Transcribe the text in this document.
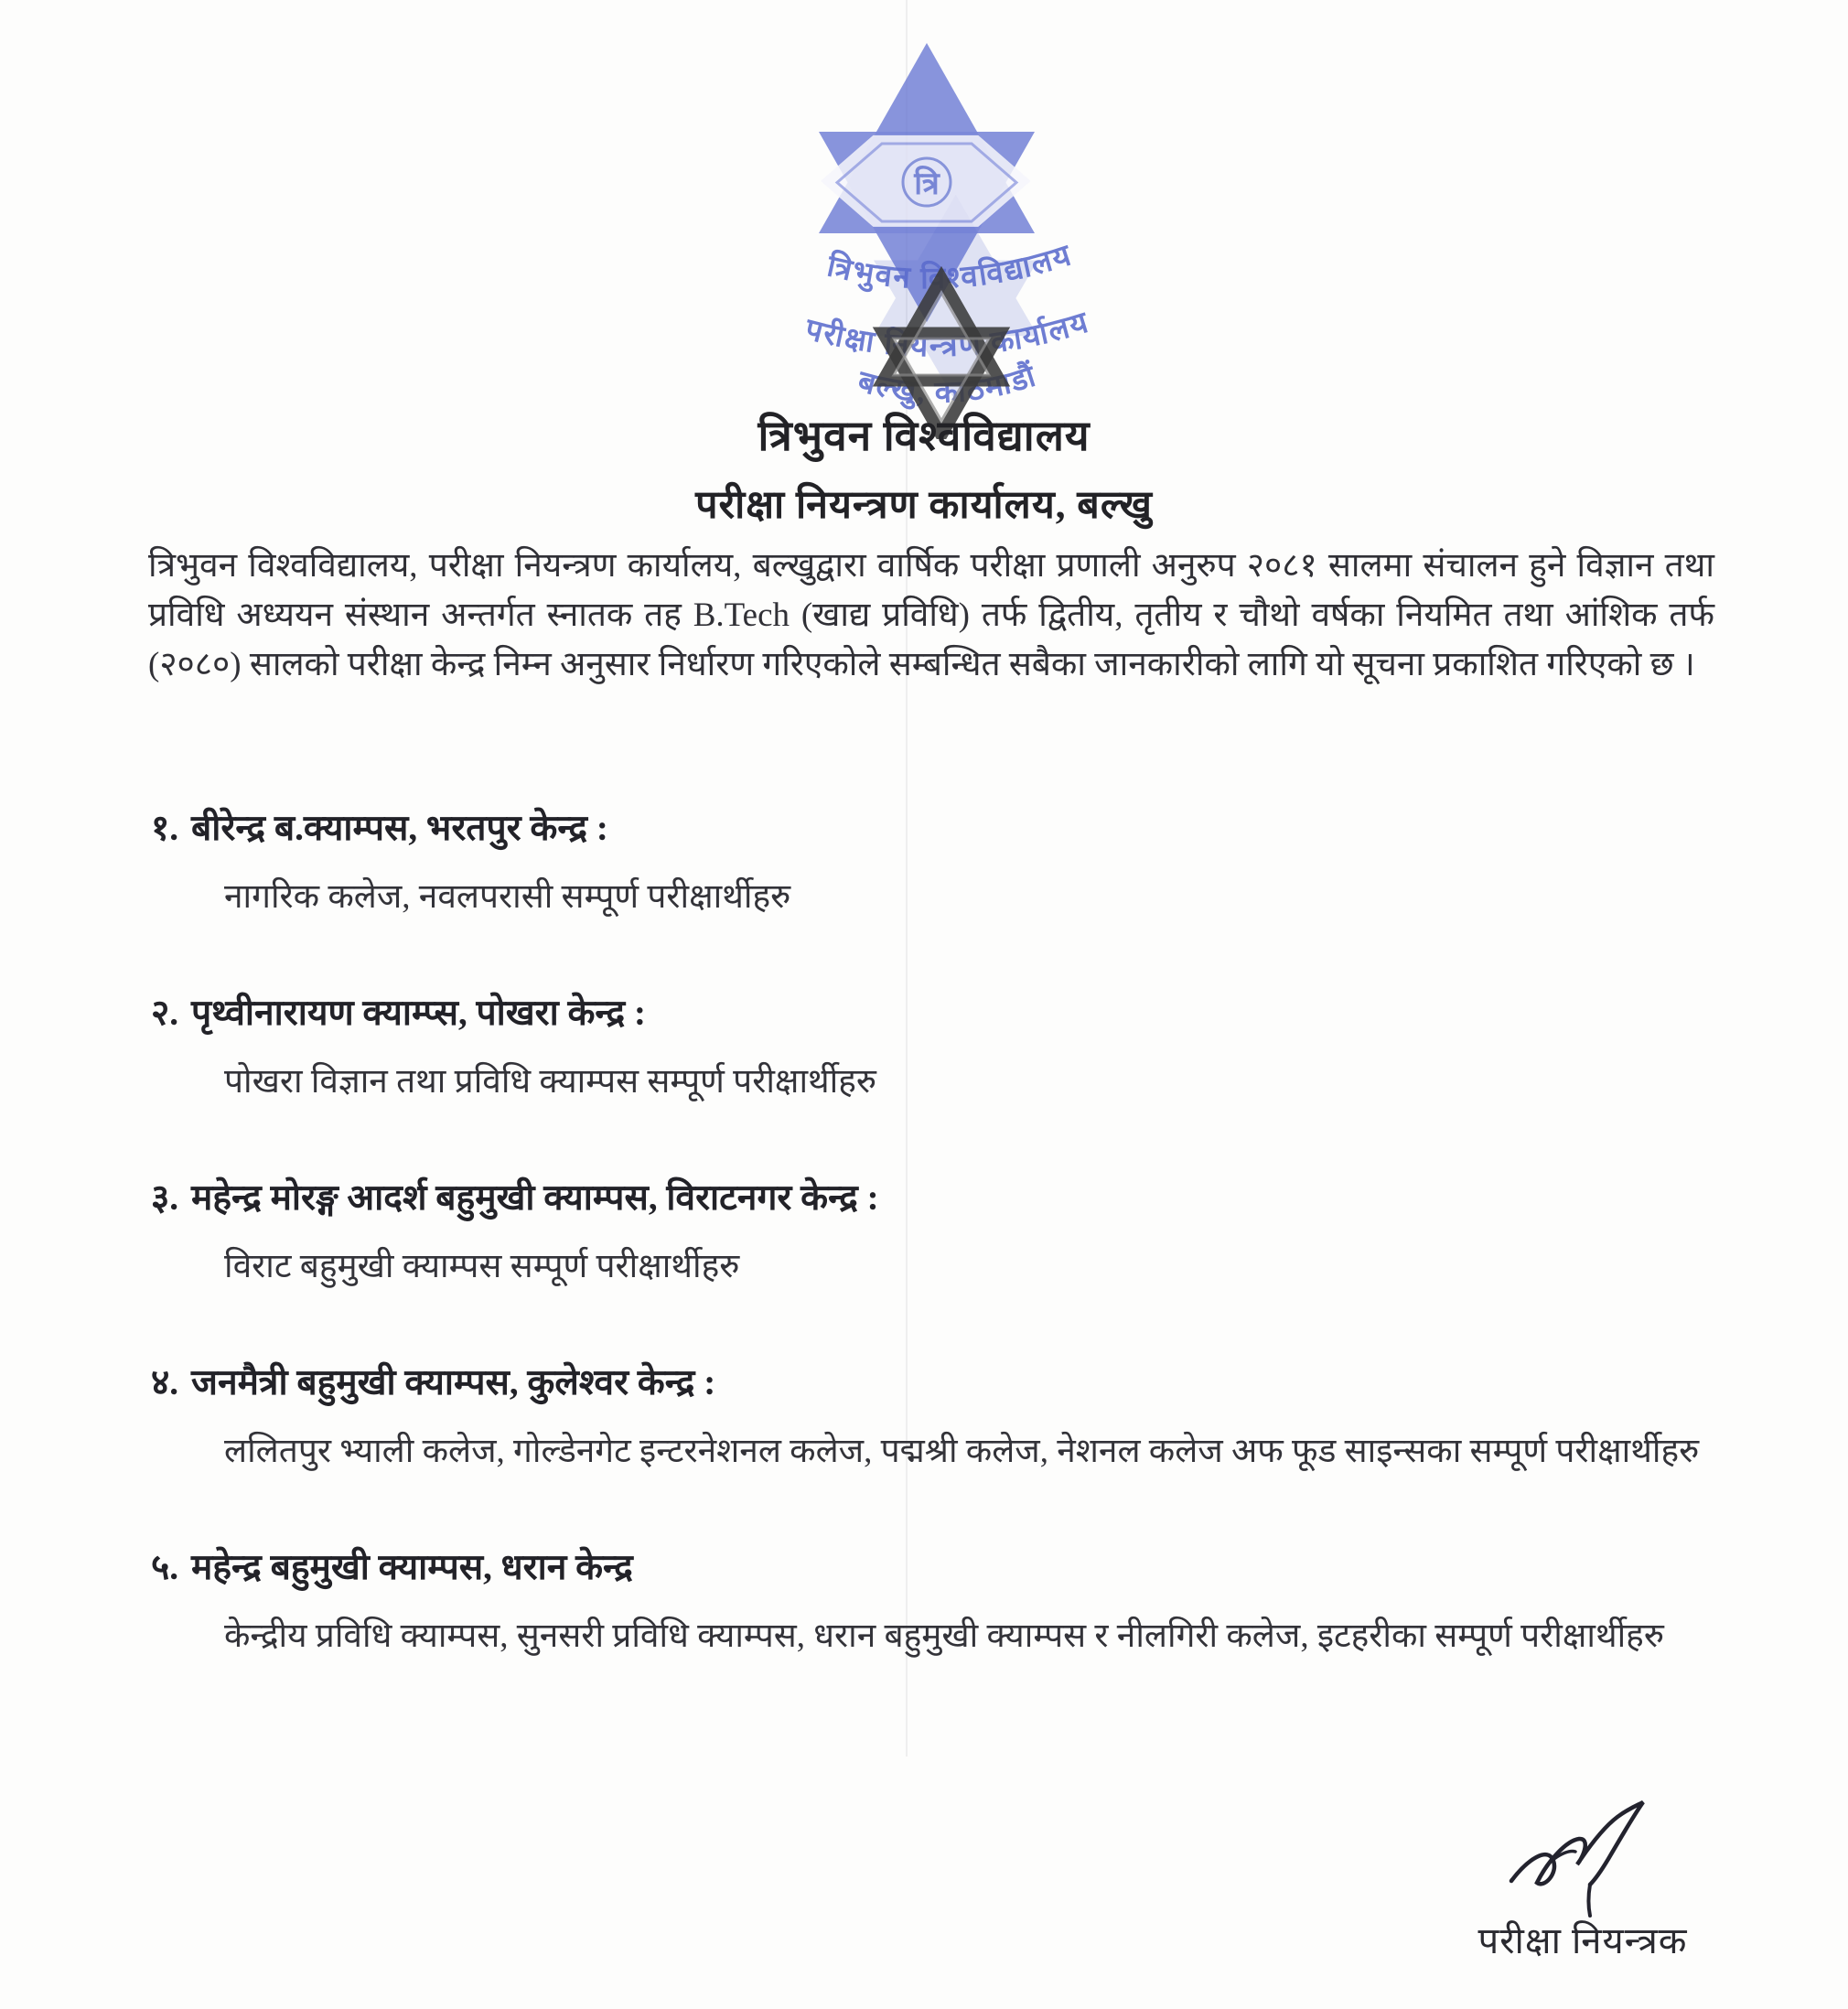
त्रि
त्रिभुवन विश्वविद्यालय
परीक्षा नियन्त्रण कार्यालय
बल्खु, काठमाडौं
त्रिभुवन विश्वविद्यालय
परीक्षा नियन्त्रण कार्यालय, बल्खु

त्रिभुवन विश्वविद्यालय, परीक्षा नियन्त्रण कार्यालय, बल्खुद्वारा वार्षिक परीक्षा प्रणाली अनुरुप २०८१ सालमा संचालन हुने विज्ञान तथा प्रविधि अध्ययन संस्थान अन्तर्गत स्नातक तह B.Tech (खाद्य प्रविधि) तर्फ द्वितीय, तृतीय र चौथो वर्षका नियमित तथा आंशिक तर्फ (२०८०) सालको परीक्षा केन्द्र निम्न अनुसार निर्धारण गरिएकोले सम्बन्धित सबैका जानकारीको लागि यो सूचना प्रकाशित गरिएको छ ।

१. बीरेन्द्र ब.क्याम्पस, भरतपुर केन्द्र :
नागरिक कलेज, नवलपरासी सम्पूर्ण परीक्षार्थीहरु
२. पृथ्वीनारायण क्याम्प्स, पोखरा केन्द्र :
पोखरा विज्ञान तथा प्रविधि क्याम्पस सम्पूर्ण परीक्षार्थीहरु
३. महेन्द्र मोरङ्ग आदर्श बहुमुखी क्याम्पस, विराटनगर केन्द्र :
विराट बहुमुखी क्याम्पस सम्पूर्ण परीक्षार्थीहरु
४. जनमैत्री बहुमुखी क्याम्पस, कुलेश्वर केन्द्र :
ललितपुर भ्याली कलेज, गोल्डेनगेट इन्टरनेशनल कलेज, पद्मश्री कलेज, नेशनल कलेज अफ फूड साइन्सका सम्पूर्ण परीक्षार्थीहरु
५. महेन्द्र बहुमुखी क्याम्पस, धरान केन्द्र
केन्द्रीय प्रविधि क्याम्पस, सुनसरी प्रविधि क्याम्पस, धरान बहुमुखी क्याम्पस र नीलगिरी कलेज, इटहरीका सम्पूर्ण परीक्षार्थीहरु
परीक्षा नियन्त्रक
